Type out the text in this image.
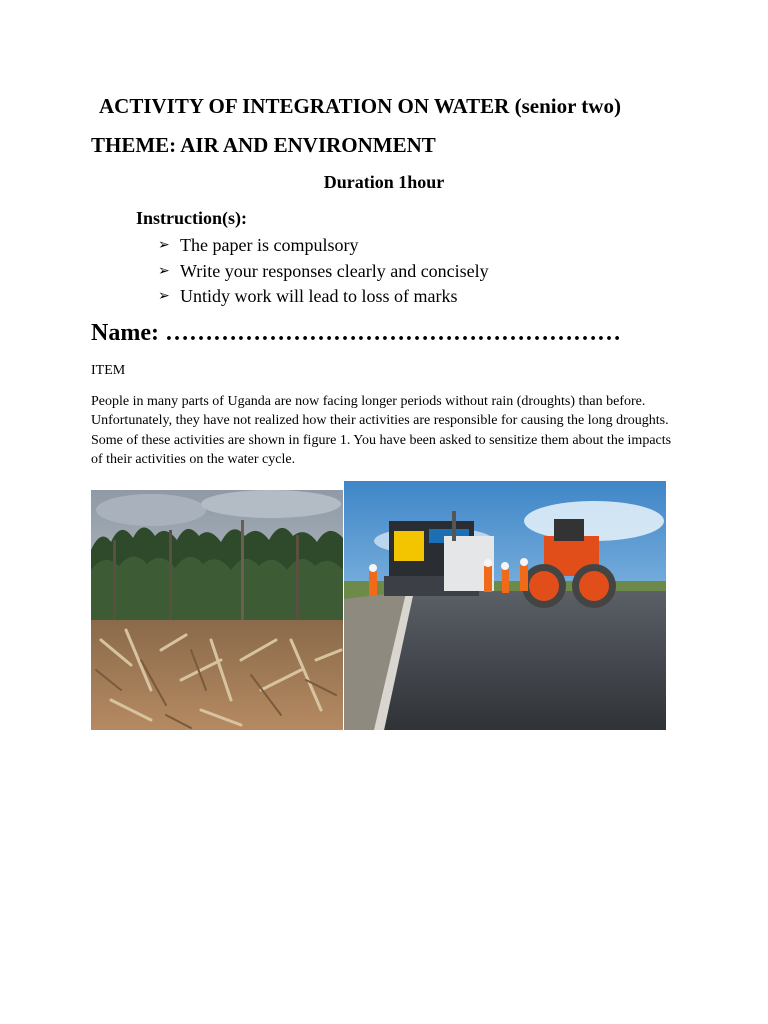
ACTIVITY OF INTEGRATION ON WATER (senior two)
THEME: AIR AND ENVIRONMENT
Duration 1hour
Instruction(s):
➢ The paper is compulsory
➢ Write your responses clearly and concisely
➢ Untidy work will lead to loss of marks
Name: …………………………………………………
ITEM

People in many parts of Uganda are now facing longer periods without rain (droughts) than before. Unfortunately, they have not realized how their activities are responsible for causing the long droughts. Some of these activities are shown in figure 1. You have been asked to sensitize them about the impacts of their activities on the water cycle.
